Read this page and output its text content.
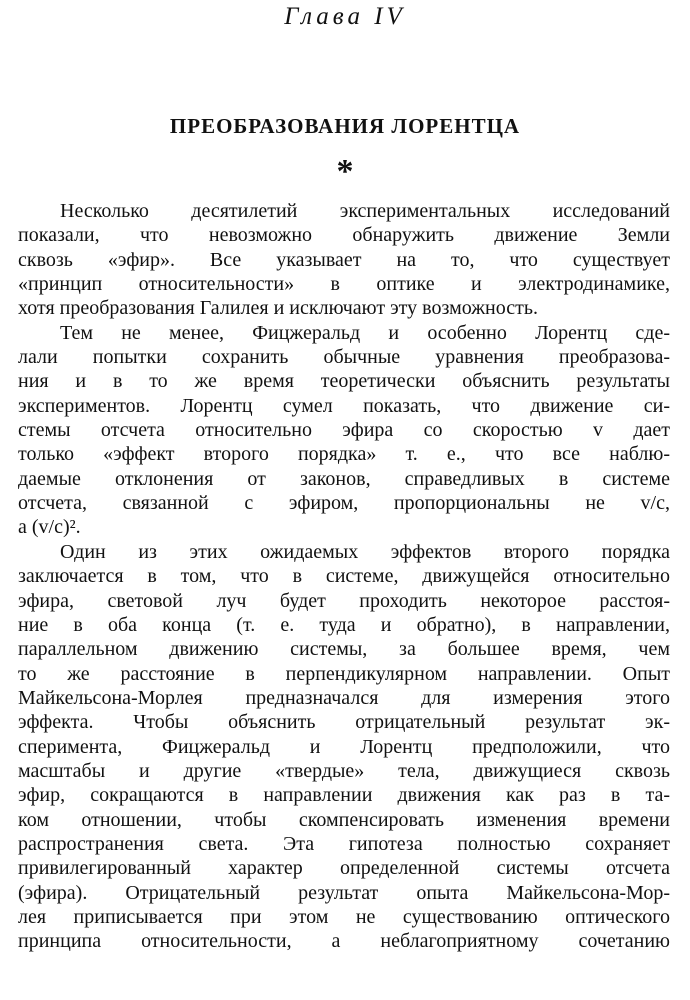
Глава IV
ПРЕОБРАЗОВАНИЯ ЛОРЕНТЦА
*
Несколько десятилетий экспериментальных исследований
показали, что невозможно обнаружить движение Земли
сквозь «эфир». Все указывает на то, что существует
«принцип относительности» в оптике и электродинамике,
хотя преобразования Галилея и исключают эту возможность.
Тем не менее, Фицжеральд и особенно Лорентц сде-
лали попытки сохранить обычные уравнения преобразова-
ния и в то же время теоретически объяснить результаты
экспериментов. Лорентц сумел показать, что движение си-
стемы отсчета относительно эфира со скоростью v дает
только «эффект второго порядка» т. е., что все наблю-
даемые отклонения от законов, справедливых в системе
отсчета, связанной с эфиром, пропорциональны не v/c,
а (v/c)².
Один из этих ожидаемых эффектов второго порядка
заключается в том, что в системе, движущейся относительно
эфира, световой луч будет проходить некоторое расстоя-
ние в оба конца (т. е. туда и обратно), в направлении,
параллельном движению системы, за большее время, чем
то же расстояние в перпендикулярном направлении. Опыт
Майкельсона-Морлея предназначался для измерения этого
эффекта. Чтобы объяснить отрицательный результат эк-
сперимента, Фицжеральд и Лорентц предположили, что
масштабы и другие «твердые» тела, движущиеся сквозь
эфир, сокращаются в направлении движения как раз в та-
ком отношении, чтобы скомпенсировать изменения времени
распространения света. Эта гипотеза полностью сохраняет
привилегированный характер определенной системы отсчета
(эфира). Отрицательный результат опыта Майкельсона-Мор-
лея приписывается при этом не существованию оптического
принципа относительности, а неблагоприятному сочетанию
